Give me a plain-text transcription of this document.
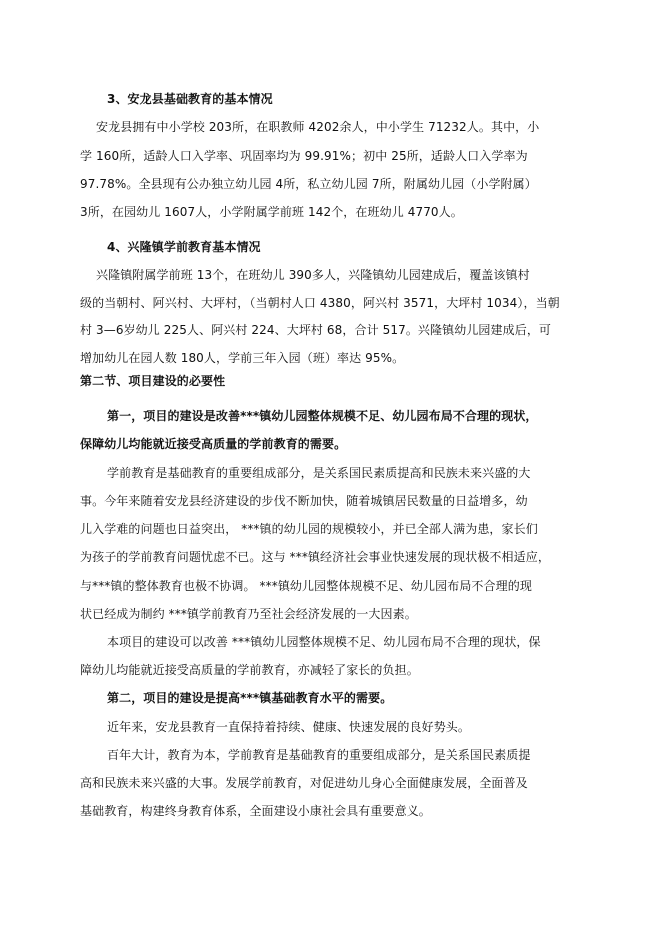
3、安龙县基础教育的基本情况
安龙县拥有中小学校 203所，在职教师 4202余人，中小学生 71232人。其中，小
学 160所，适龄人口入学率、巩固率均为 99.91%；初中 25所，适龄人口入学率为
97.78%。全县现有公办独立幼儿园 4所，私立幼儿园 7所，附属幼儿园（小学附属）
3所，在园幼儿 1607人，小学附属学前班 142个，在班幼儿 4770人。
4、兴隆镇学前教育基本情况
兴隆镇附属学前班 13个，在班幼儿 390多人，兴隆镇幼儿园建成后，覆盖该镇村
级的当朝村、阿兴村、大坪村，（当朝村人口 4380，阿兴村 3571，大坪村 1034），当朝
村 3—6岁幼儿 225人、阿兴村 224、大坪村 68，合计 517。兴隆镇幼儿园建成后，可
增加幼儿在园人数 180人，学前三年入园（班）率达 95%。
第二节、项目建设的必要性
第一，项目的建设是改善***镇幼儿园整体规模不足、幼儿园布局不合理的现状，
保障幼儿均能就近接受高质量的学前教育的需要。
学前教育是基础教育的重要组成部分，是关系国民素质提高和民族未来兴盛的大
事。今年来随着安龙县经济建设的步伐不断加快，随着城镇居民数量的日益增多，幼
儿入学难的问题也日益突出， ***镇的幼儿园的规模较小，并已全部人满为患，家长们
为孩子的学前教育问题忧虑不已。这与 ***镇经济社会事业快速发展的现状极不相适应，
与***镇的整体教育也极不协调。 ***镇幼儿园整体规模不足、幼儿园布局不合理的现
状已经成为制约 ***镇学前教育乃至社会经济发展的一大因素。
本项目的建设可以改善 ***镇幼儿园整体规模不足、幼儿园布局不合理的现状，保
障幼儿均能就近接受高质量的学前教育，亦减轻了家长的负担。
第二，项目的建设是提高***镇基础教育水平的需要。
近年来，安龙县教育一直保持着持续、健康、快速发展的良好势头。
百年大计，教育为本，学前教育是基础教育的重要组成部分，是关系国民素质提
高和民族未来兴盛的大事。发展学前教育，对促进幼儿身心全面健康发展，全面普及
基础教育，构建终身教育体系，全面建设小康社会具有重要意义。
